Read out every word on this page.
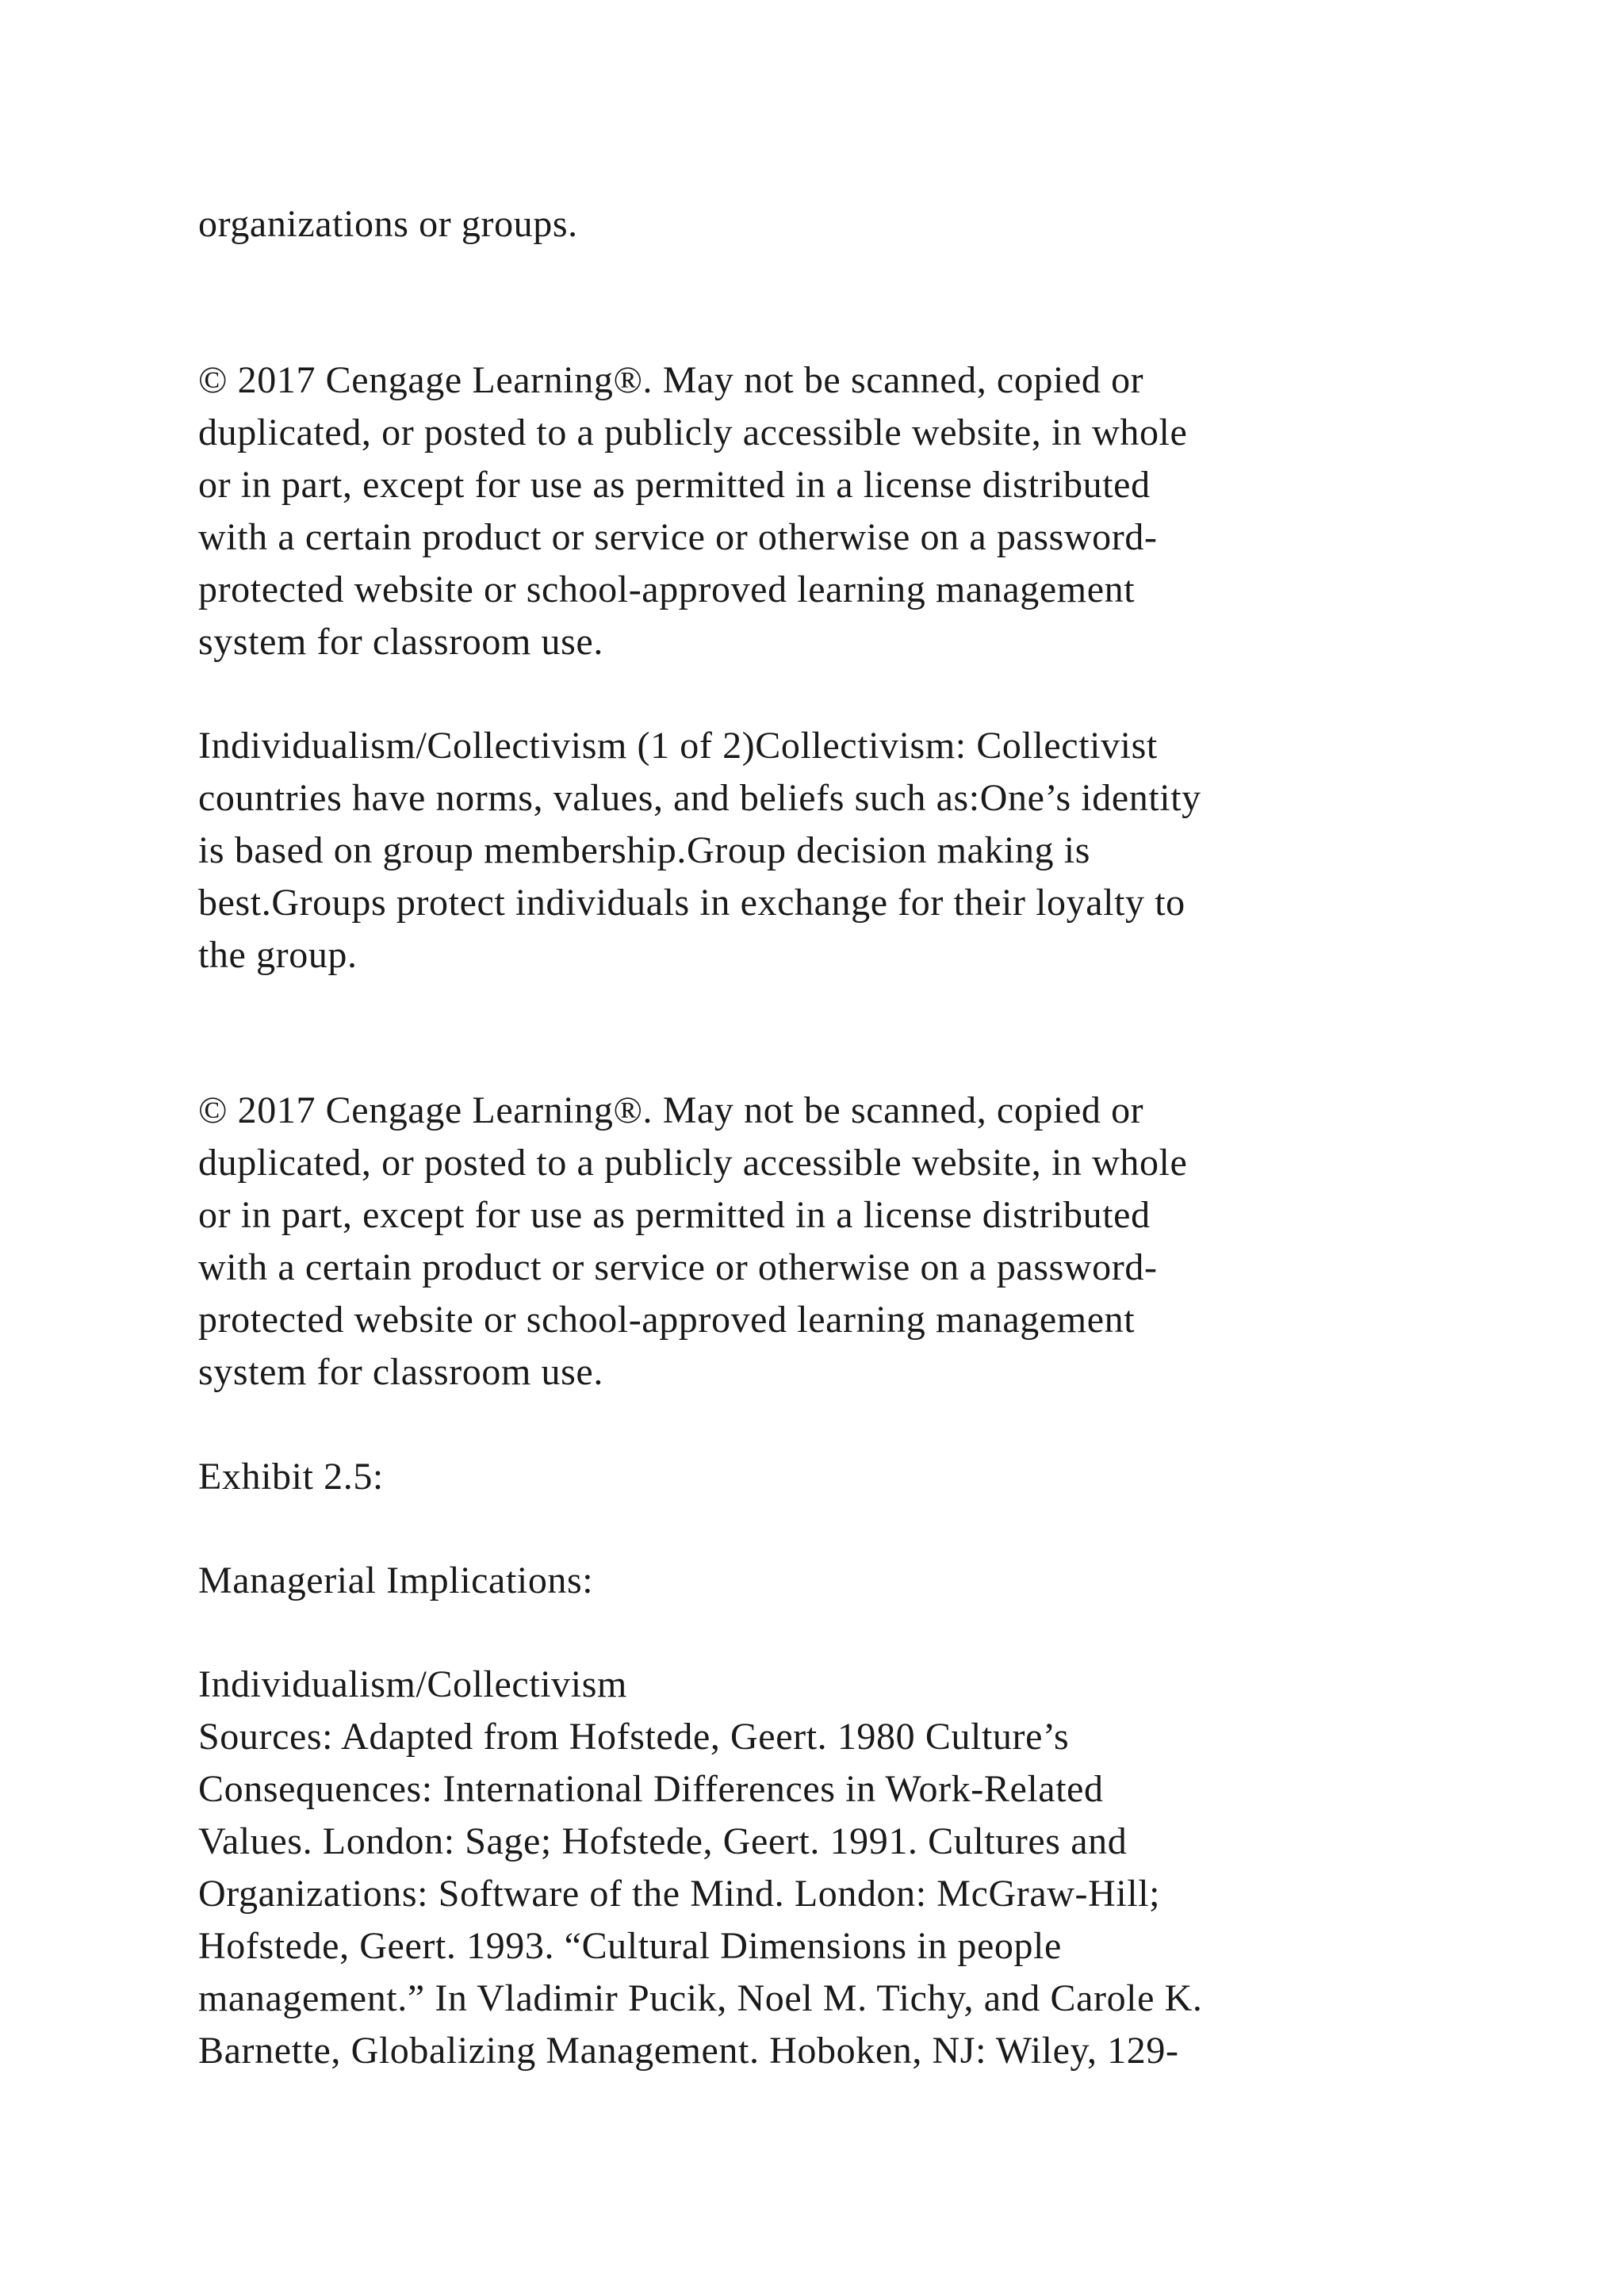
organizations or groups.

© 2017 Cengage Learning®. May not be scanned, copied or

duplicated, or posted to a publicly accessible website, in whole

or in part, except for use as permitted in a license distributed

with a certain product or service or otherwise on a password-

protected website or school-approved learning management

system for classroom use.

Individualism/Collectivism (1 of 2)Collectivism: Collectivist

countries have norms, values, and beliefs such as:One’s identity

is based on group membership.Group decision making is

best.Groups protect individuals in exchange for their loyalty to

the group.

© 2017 Cengage Learning®. May not be scanned, copied or

duplicated, or posted to a publicly accessible website, in whole

or in part, except for use as permitted in a license distributed

with a certain product or service or otherwise on a password-

protected website or school-approved learning management

system for classroom use.

Exhibit 2.5:

Managerial Implications:

Individualism/Collectivism

Sources: Adapted from Hofstede, Geert. 1980 Culture’s

Consequences: International Differences in Work-Related

Values. London: Sage; Hofstede, Geert. 1991. Cultures and

Organizations: Software of the Mind. London: McGraw-Hill;

Hofstede, Geert. 1993. “Cultural Dimensions in people

management.” In Vladimir Pucik, Noel M. Tichy, and Carole K.

Barnette, Globalizing Management. Hoboken, NJ: Wiley, 129-
